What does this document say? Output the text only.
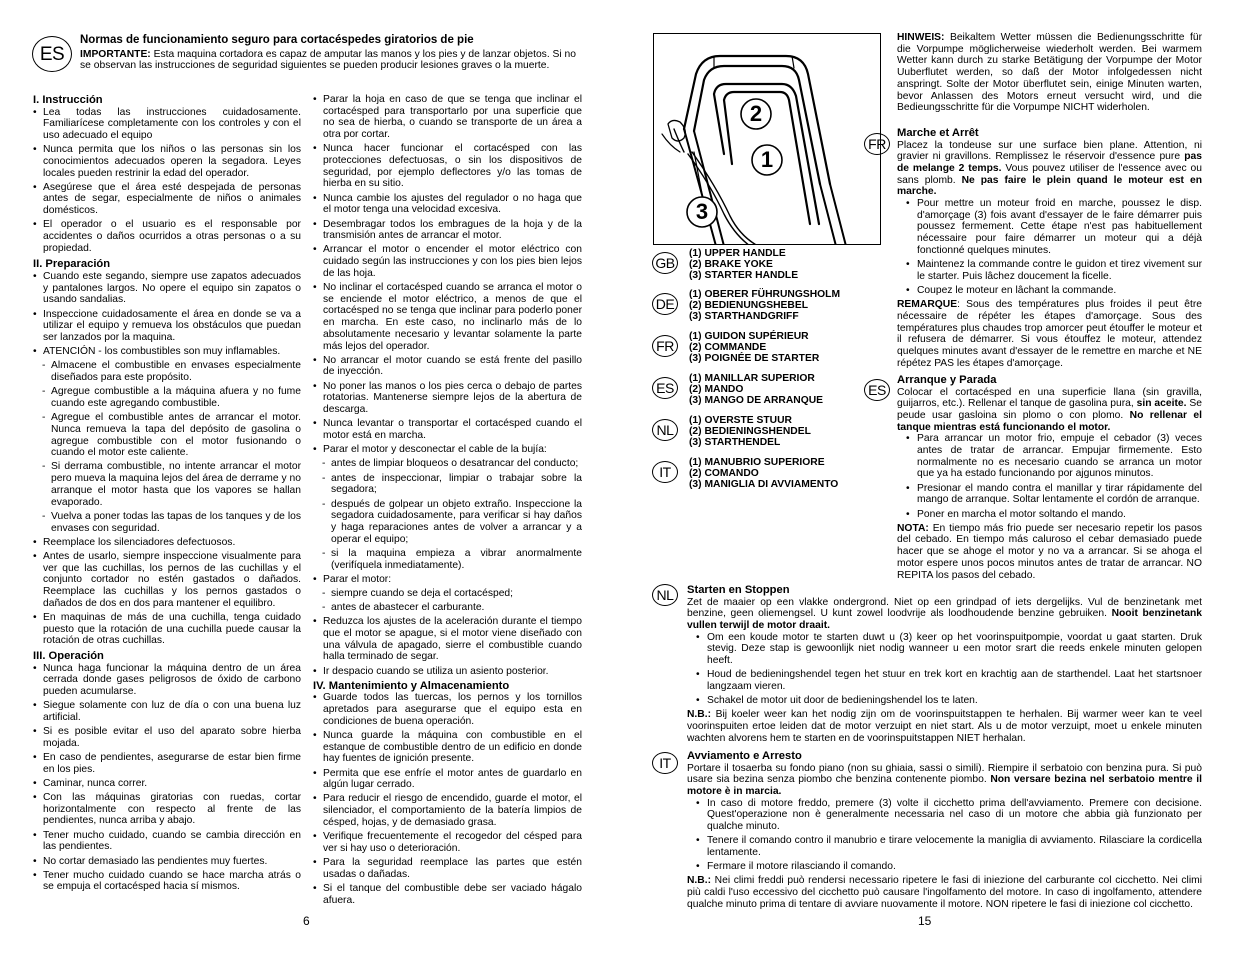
ES

Normas de funcionamiento seguro para cortacéspedes giratorios de pie

IMPORTANTE: Esta maquina cortadora es capaz de amputar las manos y los pies y de lanzar objetos. Si no se observan las instrucciones de seguridad siguientes se pueden producir lesiones graves o la muerte.

I. Instrucción

• Lea todas las instrucciones cuidadosamente. Familiarícese completamente con los controles y con el uso adecuado el equipo
• Nunca permita que los niños o las personas sin los conocimientos adecuados operen la segadora. Leyes locales pueden restrinir la edad del operador.
• Asegúrese que el área esté despejada de personas antes de segar, especialmente de niños o animales domésticos.
• El operador o el usuario es el responsable por accidentes o daños ocurridos a otras personas o a su propiedad.

II. Preparación

• Cuando este segando, siempre use zapatos adecuados y pantalones largos. No opere el equipo sin zapatos o usando sandalias.
• Inspeccione cuidadosamente el área en donde se va a utilizar el equipo y remueva los obstáculos que puedan ser lanzados por la maquina.
• ATENCIÓN - los combustibles son muy inflamables.
- Almacene el combustible en envases especialmente diseñados para este propósito.
- Agregue combustible a la máquina afuera y no fume cuando este agregando combustible.
- Agregue el combustible antes de arrancar el motor. Nunca remueva la tapa del depósito de gasolina o agregue combustible con el motor fusionando o cuando el motor este caliente.
- Si derrama combustible, no intente arrancar el motor pero mueva la maquina lejos del área de derrame y no arranque el motor hasta que los vapores se hallan evaporado.
- Vuelva a poner todas las tapas de los tanques y de los envases con seguridad.
• Reemplace los silenciadores defectuosos.
• Antes de usarlo, siempre inspeccione visualmente para ver que las cuchillas, los pernos de las cuchillas y el conjunto cortador no estén gastados o dañados. Reemplace las cuchillas y los pernos gastados o dañados de dos en dos para mantener el equilibro.
• En maquinas de más de una cuchilla, tenga cuidado puesto que la rotación de una cuchilla puede causar la rotación de otras cuchillas.

III. Operación

• Nunca haga funcionar la máquina dentro de un área cerrada donde gases peligrosos de óxido de carbono pueden acumularse.
• Siegue solamente con luz de día o con una buena luz artificial.
• Si es posible evitar el uso del aparato sobre hierba mojada.
• En caso de pendientes, asegurarse de estar bien firme en los pies.
• Caminar, nunca correr.
• Con las máquinas giratorias con ruedas, cortar horizontalmente con respecto al frente de las pendientes, nunca arriba y abajo.
• Tener mucho cuidado, cuando se cambia dirección en las pendientes.
• No cortar demasiado las pendientes muy fuertes.
• Tener mucho cuidado cuando se hace marcha atrás o se empuja el cortacésped hacia sí mismos.
• Parar la hoja en caso de que se tenga que inclinar el cortacésped para transportarlo por una superficie que no sea de hierba, o cuando se transporte de un área a otra por cortar.
• Nunca hacer funcionar el cortacésped con las protecciones defectuosas, o sin los dispositivos de seguridad, por ejemplo deflectores y/o las tomas de hierba en su sitio.
• Nunca cambie los ajustes del regulador o no haga que el motor tenga una velocidad excesiva.
• Desembragar todos los embragues de la hoja y de la transmisión antes de arrancar el motor.
• Arrancar el motor o encender el motor eléctrico con cuidado según las instrucciones y con los pies bien lejos de las hoja.
• No inclinar el cortacésped cuando se arranca el motor o se enciende el motor eléctrico, a menos de que el cortacésped no se tenga que inclinar para poderlo poner en marcha. En este caso, no inclinarlo más de lo absolutamente necesario y levantar solamente la parte más lejos del operador.
• No arrancar el motor cuando se está frente del pasillo de inyección.
• No poner las manos o los pies cerca o debajo de partes rotatorias. Mantenerse siempre lejos de la abertura de descarga.
• Nunca levantar o transportar el cortacésped cuando el motor está en marcha.
• Parar el motor y desconectar el cable de la bujía:
- antes de limpiar bloqueos o desatrancar del conducto;
- antes de inspeccionar, limpiar o trabajar sobre la segadora;
- después de golpear un objeto extraño. Inspeccione la segadora cuidadosamente, para verificar si hay daños y haga reparaciones antes de volver a arrancar y a operar el equipo;
- si la maquina empieza a vibrar anormalmente (verifíquela inmediatamente).
• Parar el motor:
- siempre cuando se deja el cortacésped;
- antes de abastecer el carburante.
• Reduzca los ajustes de la aceleración durante el tiempo que el motor se apague, si el motor viene diseñado con una válvula de apagado, sierre el combustible cuando halla terminado de segar.
• Ir despacio cuando se utiliza un asiento posterior.

IV. Mantenimiento y Almacenamiento

• Guarde todos las tuercas, los pernos y los tornillos apretados para asegurarse que el equipo esta en condiciones de buena operación.
• Nunca guarde la máquina con combustible en el estanque de combustible dentro de un edificio en donde hay fuentes de ignición presente.
• Permita que ese enfríe el motor antes de guardarlo en algún lugar cerrado.
• Para reducir el riesgo de encendido, guarde el motor, el silenciador, el comportamiento de la batería limpios de césped, hojas, y de demasiado grasa.
• Verifique frecuentemente el recogedor del césped para ver si hay uso o deterioración.
• Para la seguridad reemplace las partes que estén usadas o dañadas.
• Si el tanque del combustible debe ser vaciado hágalo afuera.
6
2
1
3
GB
(1) UPPER HANDLE
(2) BRAKE YOKE
(3) STARTER HANDLE
DE
(1) OBERER FÜHRUNGSHOLM
(2) BEDIENUNGSHEBEL
(3) STARTHANDGRIFF
FR
(1) GUIDON SUPÉRIEUR
(2) COMMANDE
(3) POIGNÉE DE STARTER
ES
(1) MANILLAR SUPERIOR
(2) MANDO
(3) MANGO DE ARRANQUE
NL
(1) OVERSTE STUUR
(2) BEDIENINGSHENDEL
(3) STARTHENDEL
IT
(1) MANUBRIO SUPERIORE
(2) COMANDO
(3) MANIGLIA DI AVVIAMENTO
HINWEIS: Beikaltem Wetter müssen die Bedienungsschritte für die Vorpumpe möglicherweise wiederholt werden. Bei warmem Wetter kann durch zu starke Betätigung der Vorpumpe der Motor Uuberflutet werden, so daß der Motor infolgedessen nicht anspringt. Solte der Motor überflutet sein, einige Minuten warten, bevor Anlassen des Motors erneut versucht wird, und die Bedieungsschritte für die Vorpumpe NICHT widerholen.
FR

Marche et Arrêt

Placez la tondeuse sur une surface bien plane. Attention, ni gravier ni gravillons. Remplissez le réservoir d'essence pure pas de melange 2 temps. Vous pouvez utiliser de l'essence avec ou sans plomb. Ne pas faire le plein quand le moteur est en marche.

• Pour mettre un moteur froid en marche, poussez le disp. d'amorçage (3) fois avant d'essayer de le faire démarrer puis poussez fermement. Cette étape n'est pas habituellement nécessaire pour faire démarrer un moteur qui a déjà fonctionné quelques minutes.
• Maintenez la commande contre le guidon et tirez vivement sur le starter. Puis lâchez doucement la ficelle.
• Coupez le moteur en lâchant la commande.

REMARQUE: Sous des températures plus froides il peut être nécessaire de répéter les étapes d'amorçage. Sous des températures plus chaudes trop amorcer peut étouffer le moteur et il refusera de démarrer. Si vous étouffez le moteur, attendez quelques minutes avant d'essayer de le remettre en marche et NE répétez PAS les étapes d'amorçage.

ES

Arranque y Parada

Colocar el cortacésped en una superficie llana (sin gravilla, guijarros, etc.). Rellenar el tanque de gasolina pura, sin aceite. Se peude usar gasloina sin plomo o con plomo. No rellenar el tanque mientras está funcionando el motor.

• Para arrancar un motor frio, empuje el cebador (3) veces antes de tratar de arrancar. Empujar firmemente. Esto normalmente no es necesario cuando se arranca un motor que ya ha estado funcionando por ajgunos minutos.
• Presionar el mando contra el manillar y tirar rápidamente del mango de arranque. Soltar lentamente el cordón de arranque.
• Poner en marcha el motor soltando el mando.

NOTA: En tiempo más frio puede ser necesario repetir los pasos del cebado. En tiempo más caluroso el cebar demasiado puede hacer que se ahoge el motor y no va a arrancar. Si se ahoga el motor espere unos pocos minutos antes de tratar de arrancar. NO REPITA los pasos del cebado.

NL	Starten en Stoppen

Zet de maaier op een vlakke ondergrond. Niet op een grindpad of iets dergelijks. Vul de benzinetank met benzine, geen oliemengsel. U kunt zowel loodvrije als loodhoudende benzine gebruiken. Nooit benzinetank vullen terwijl de motor draait.

• Om een koude motor te starten duwt u (3) keer op het voorinspuitpompie, voordat u gaat starten. Druk stevig. Deze stap is gewoonlijk niet nodig wanneer u een motor srart die reeds enkele minuten gelopen heeft.
• Houd de bedieningshendel tegen het stuur en trek kort en krachtig aan de starthendel. Laat het startsnoer langzaam vieren.
• Schakel de motor uit door de bedieningshendel los te laten.

N.B.: Bij koeler weer kan het nodig zijn om de voorinspuitstappen te herhalen. Bij warmer weer kan te veel voorinspuiten ertoe leiden dat de motor verzuipt en niet start. Als u de motor verzuipt, moet u enkele minuten wachten alvorens hem te starten en de voorinspuitstappen NIET herhalan.

IT	Avviamento e Arresto

Portare il tosaerba su fondo piano (non su ghiaia, sassi o simili). Riempire il serbatoio con benzina pura. Si può usare sia bezina senza piombo che benzina contenente piombo. Non versare bezina nel serbatoio mentre il motore è in marcia.

• In caso di motore freddo, premere (3) volte il cicchetto prima dell'avviamento. Premere con decisione. Quest'operazione non è generalmente necessaria nel caso di un motore che abbia già funzionato per qualche minuto.
• Tenere il comando contro il manubrio e tirare velocemente la maniglia di avviamento. Rilasciare la cordicella lentamente.
• Fermare il motore rilasciando il comando.

N.B.: Nei climi freddi può rendersi necessario ripetere le fasi di iniezione del carburante col cicchetto. Nei climi più caldi l'uso eccessivo del cicchetto può causare l'ingolfamento del motore. In caso di ingolfamento, attendere qualche minuto prima di tentare di avviare nuovamente il motore. NON ripetere le fasi di iniezione col cicchetto.

15
